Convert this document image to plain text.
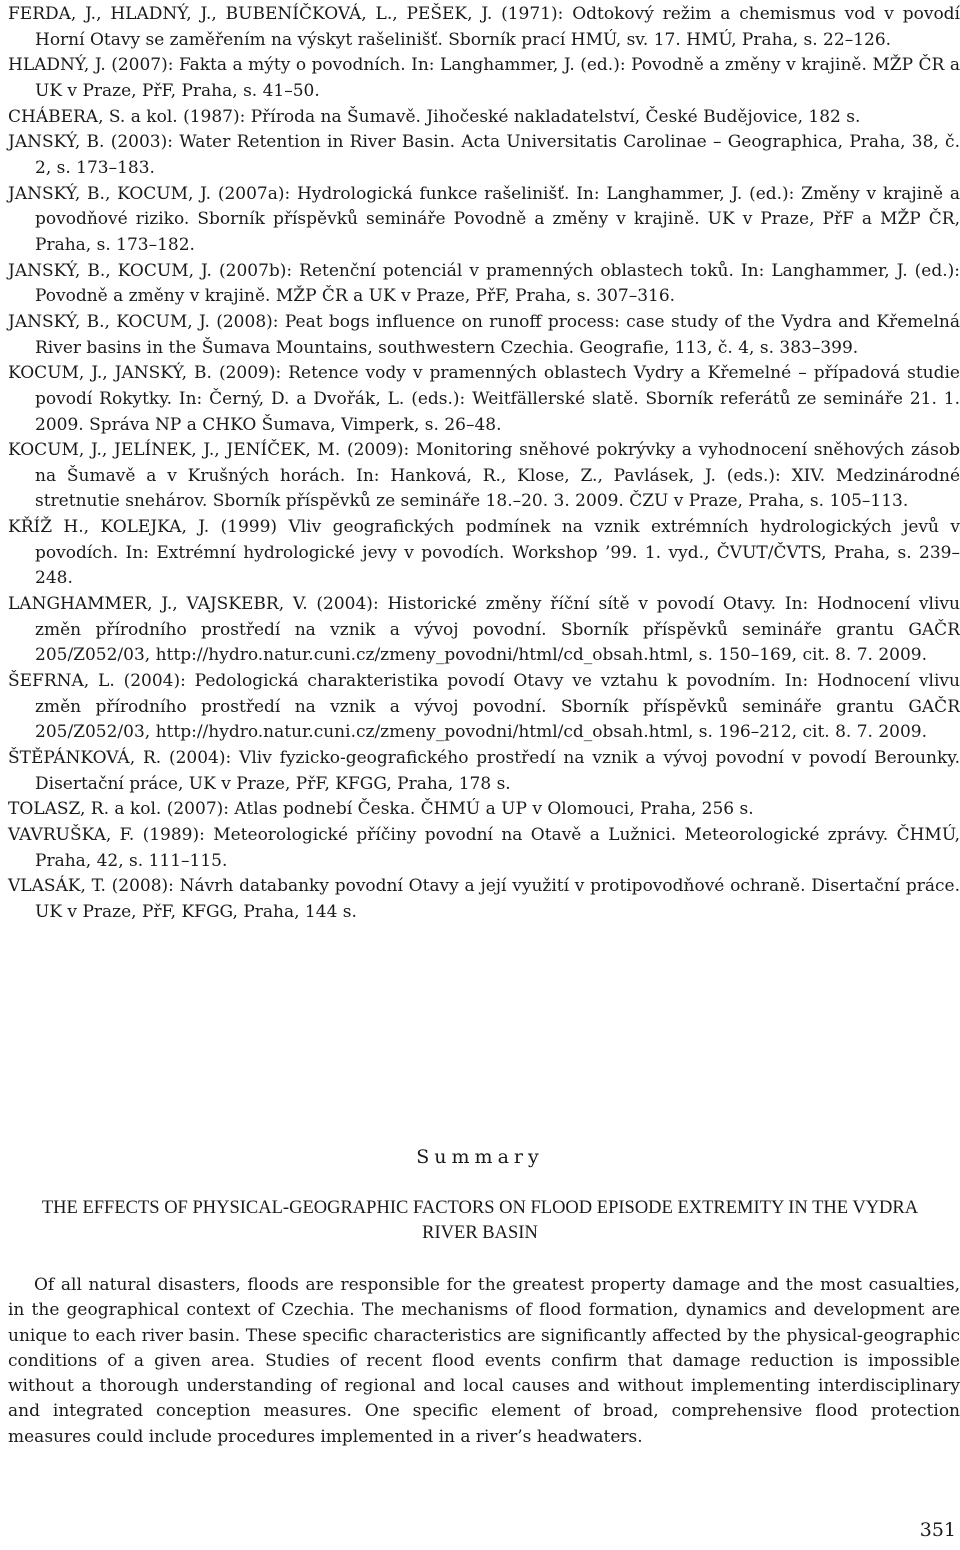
FERDA, J., HLADNÝ, J., BUBENÍČKOVÁ, L., PEŠEK, J. (1971): Odtokový režim a chemismus vod v povodí Horní Otavy se zaměřením na výskyt rašelinišť. Sborník prací HMÚ, sv. 17. HMÚ, Praha, s. 22–126.

HLADNÝ, J. (2007): Fakta a mýty o povodních. In: Langhammer, J. (ed.): Povodně a změny v krajině. MŽP ČR a UK v Praze, PřF, Praha, s. 41–50.

CHÁBERA, S. a kol. (1987): Příroda na Šumavě. Jihočeské nakladatelství, České Budějovice, 182 s.

JANSKÝ, B. (2003): Water Retention in River Basin. Acta Universitatis Carolinae – Geographica, Praha, 38, č. 2, s. 173–183.

JANSKÝ, B., KOCUM, J. (2007a): Hydrologická funkce rašelinišť. In: Langhammer, J. (ed.): Změny v krajině a povodňové riziko. Sborník příspěvků semináře Povodně a změny v krajině. UK v Praze, PřF a MŽP ČR, Praha, s. 173–182.

JANSKÝ, B., KOCUM, J. (2007b): Retenční potenciál v pramenných oblastech toků. In: Langhammer, J. (ed.): Povodně a změny v krajině. MŽP ČR a UK v Praze, PřF, Praha, s. 307–316.

JANSKÝ, B., KOCUM, J. (2008): Peat bogs influence on runoff process: case study of the Vydra and Křemelná River basins in the Šumava Mountains, southwestern Czechia. Geografie, 113, č. 4, s. 383–399.

KOCUM, J., JANSKÝ, B. (2009): Retence vody v pramenných oblastech Vydry a Křemelné – případová studie povodí Rokytky. In: Černý, D. a Dvořák, L. (eds.): Weitfällerské slatě. Sborník referátů ze semináře 21. 1. 2009. Správa NP a CHKO Šumava, Vimperk, s. 26–48.

KOCUM, J., JELÍNEK, J., JENÍČEK, M. (2009): Monitoring sněhové pokrývky a vyhodnocení sněhových zásob na Šumavě a v Krušných horách. In: Hanková, R., Klose, Z., Pavlásek, J. (eds.): XIV. Medzinárodné stretnutie snehárov. Sborník příspěvků ze semináře 18.–20. 3. 2009. ČZU v Praze, Praha, s. 105–113.

KŘÍŽ H., KOLEJKA, J. (1999) Vliv geografických podmínek na vznik extrémních hydrologických jevů v povodích. In: Extrémní hydrologické jevy v povodích. Workshop ’99. 1. vyd., ČVUT/ČVTS, Praha, s. 239–248.

LANGHAMMER, J., VAJSKEBR, V. (2004): Historické změny říční sítě v povodí Otavy. In: Hodnocení vlivu změn přírodního prostředí na vznik a vývoj povodní. Sborník příspěvků semináře grantu GAČR 205/Z052/03, http://hydro.natur.cuni.cz/zmeny_povodni/html/cd_obsah.html, s. 150–169, cit. 8. 7. 2009.

ŠEFRNA, L. (2004): Pedologická charakteristika povodí Otavy ve vztahu k povodním. In: Hodnocení vlivu změn přírodního prostředí na vznik a vývoj povodní. Sborník příspěvků semináře grantu GAČR 205/Z052/03, http://hydro.natur.cuni.cz/zmeny_povodni/html/cd_obsah.html, s. 196–212, cit. 8. 7. 2009.

ŠTĚPÁNKOVÁ, R. (2004): Vliv fyzicko-geografického prostředí na vznik a vývoj povodní v povodí Berounky. Disertační práce, UK v Praze, PřF, KFGG, Praha, 178 s.

TOLASZ, R. a kol. (2007): Atlas podnebí Česka. ČHMÚ a UP v Olomouci, Praha, 256 s.

VAVRUŠKA, F. (1989): Meteorologické příčiny povodní na Otavě a Lužnici. Meteorologické zprávy. ČHMÚ, Praha, 42, s. 111–115.

VLASÁK, T. (2008): Návrh databanky povodní Otavy a její využití v protipovodňové ochraně. Disertační práce. UK v Praze, PřF, KFGG, Praha, 144 s.

Summary

THE EFFECTS OF PHYSICAL-GEOGRAPHIC FACTORS ON FLOOD EPISODE EXTREMITY IN THE VYDRA RIVER BASIN

Of all natural disasters, floods are responsible for the greatest property damage and the most casualties, in the geographical context of Czechia. The mechanisms of flood formation, dynamics and development are unique to each river basin. These specific characteristics are significantly affected by the physical-geographic conditions of a given area. Studies of recent flood events confirm that damage reduction is impossible without a thorough understanding of regional and local causes and without implementing interdisciplinary and integrated conception measures. One specific element of broad, comprehensive flood protection measures could include procedures implemented in a river’s headwaters.

351
